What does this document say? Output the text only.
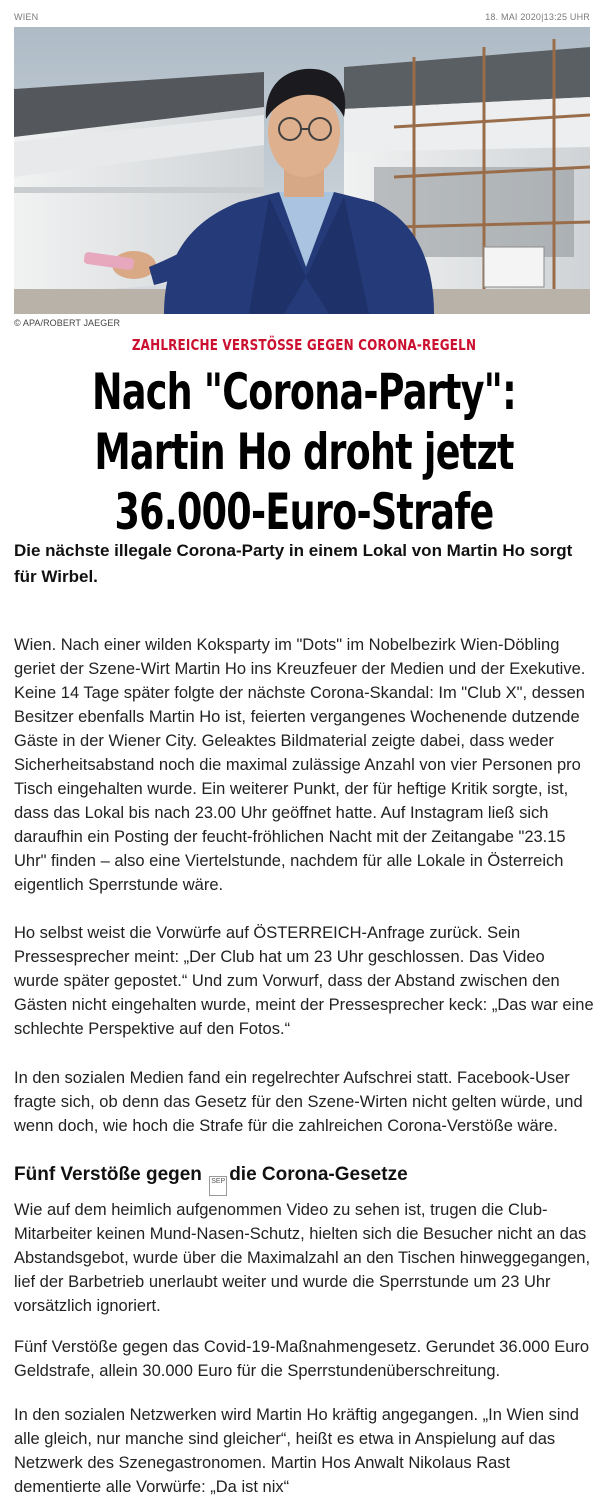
WIEN	18. MAI 2020|13:25 UHR
© APA/ROBERT JAEGER
ZAHLREICHE VERSTÖSSE GEGEN CORONA-REGELN
Nach "Corona-Party":
Martin Ho droht jetzt
36.000-Euro-Strafe
Die nächste illegale Corona-Party in einem Lokal von Martin Ho sorgt für Wirbel.

Wien. Nach einer wilden Koksparty im "Dots" im Nobelbezirk Wien-Döbling geriet der Szene-Wirt Martin Ho ins Kreuzfeuer der Medien und der Exekutive. Keine 14 Tage später folgte der nächste Corona-Skandal: Im "Club X", dessen Besitzer ebenfalls Martin Ho ist, feierten vergangenes Wochenende dutzende Gäste in der Wiener City. Geleaktes Bildmaterial zeigte dabei, dass weder Sicherheitsabstand noch die maximal zulässige Anzahl von vier Personen pro Tisch eingehalten wurde. Ein weiterer Punkt, der für heftige Kritik sorgte, ist, dass das Lokal bis nach 23.00 Uhr geöffnet hatte. Auf Instagram ließ sich daraufhin ein Posting der feucht-fröhlichen Nacht mit der Zeitangabe "23.15 Uhr" finden – also eine Viertelstunde, nachdem für alle Lokale in Österreich eigentlich Sperrstunde wäre.

Ho selbst weist die Vorwürfe auf ÖSTERREICH-Anfrage zurück. Sein Pressesprecher meint: „Der Club hat um 23 Uhr geschlossen. Das Video wurde später gepostet.“ Und zum Vorwurf, dass der Abstand zwischen den Gästen nicht eingehalten wurde, meint der Pressesprecher keck: „Das war eine schlechte Perspektive auf den Fotos.“

In den sozialen Medien fand ein regelrechter Aufschrei statt. Facebook-User fragte sich, ob denn das Gesetz für den Szene-Wirten nicht gelten würde, und wenn doch, wie hoch die Strafe für die zahlreichen Corona-Verstöße wäre.

Fünf Verstöße gegen SEP die Corona-Gesetze

Wie auf dem heimlich aufgenommen Video zu sehen ist, trugen die Club-Mitarbeiter keinen Mund-Nasen-Schutz, hielten sich die Besucher nicht an das Abstandsgebot, wurde über die Maximalzahl an den Tischen hinweggegangen, lief der Barbetrieb unerlaubt weiter und wurde die Sperrstunde um 23 Uhr vorsätzlich ignoriert.

Fünf Verstöße gegen das Covid-19-Maßnahmengesetz. Gerundet 36.000 Euro Geldstrafe, allein 30.000 Euro für die Sperrstundenüberschreitung.

In den sozialen Netzwerken wird Martin Ho kräftig angegangen. „In Wien sind alle gleich, nur manche sind gleicher“, heißt es etwa in Anspielung auf das Netzwerk des Szenegastronomen. Martin Hos Anwalt Nikolaus Rast dementierte alle Vorwürfe: „Da ist nix“
